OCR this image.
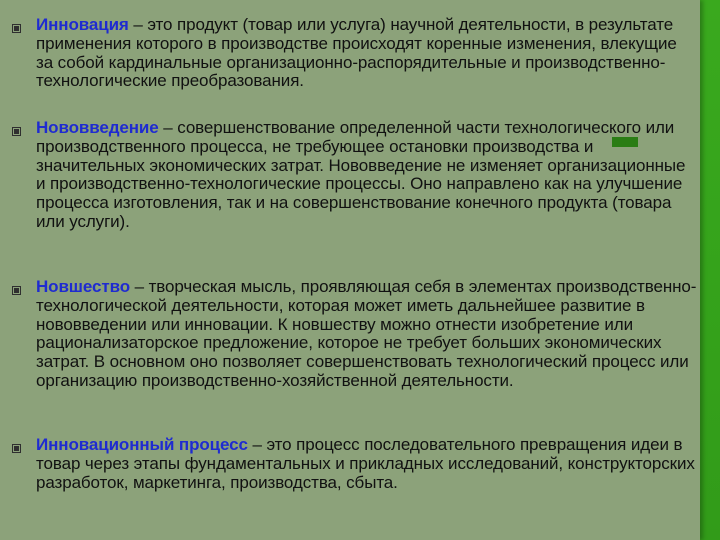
Инновация – это продукт (товар или услуга) научной деятельности, в результате применения которого в производстве происходят коренные изменения, влекущие за собой кардинальные организационно-распорядительные и производственно-технологические преобразования.
Нововведение – совершенствование определенной части технологического или производственного процесса, не требующее остановки производства и значительных экономических затрат. Нововведение не изменяет организационные и производственно-технологические процессы. Оно направлено как на улучшение процесса изготовления, так и на совершенствование конечного продукта (товара или услуги).
Новшество – творческая мысль, проявляющая себя в элементах производственно-технологической деятельности, которая может иметь дальнейшее развитие в нововведении или инновации. К новшеству можно отнести изобретение или рационализаторское предложение, которое не требует больших экономических затрат. В основном оно позволяет совершенствовать технологический процесс или организацию производственно-хозяйственной деятельности.
Инновационный процесс – это процесс последовательного превращения идеи в товар через этапы фундаментальных и прикладных исследований, конструкторских разработок, маркетинга, производства, сбыта.
